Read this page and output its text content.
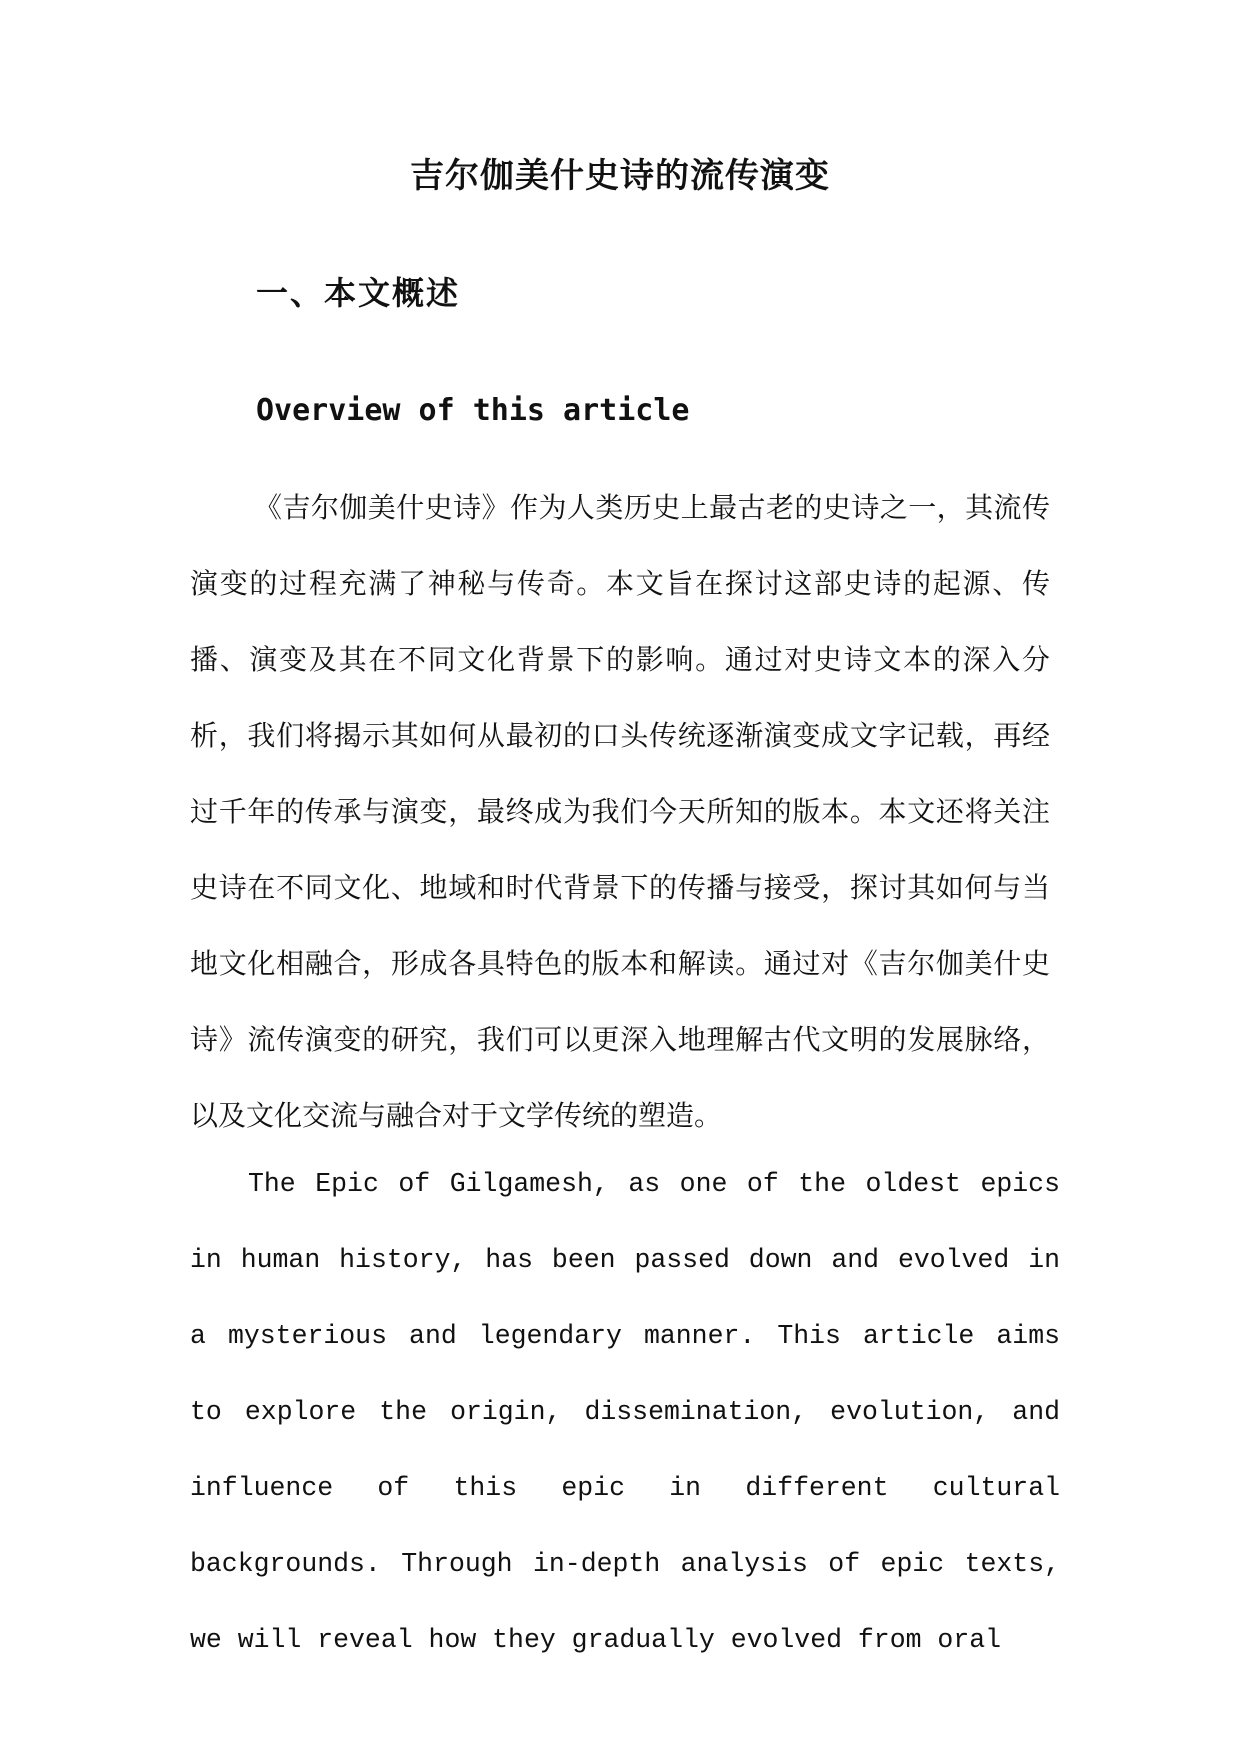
吉尔伽美什史诗的流传演变
一、本文概述
Overview of this article

《吉尔伽美什史诗》作为人类历史上最古老的史诗之一，其流传演变的过程充满了神秘与传奇。本文旨在探讨这部史诗的起源、传播、演变及其在不同文化背景下的影响。通过对史诗文本的深入分析，我们将揭示其如何从最初的口头传统逐渐演变成文字记载，再经过千年的传承与演变，最终成为我们今天所知的版本。本文还将关注史诗在不同文化、地域和时代背景下的传播与接受，探讨其如何与当地文化相融合，形成各具特色的版本和解读。通过对《吉尔伽美什史诗》流传演变的研究，我们可以更深入地理解古代文明的发展脉络，以及文化交流与融合对于文学传统的塑造。

The Epic of Gilgamesh, as one of the oldest epics in human history, has been passed down and evolved in a mysterious and legendary manner. This article aims to explore the origin, dissemination, evolution, and influence of this epic in different cultural backgrounds. Through in-depth analysis of epic texts, we will reveal how they gradually evolved from oral
